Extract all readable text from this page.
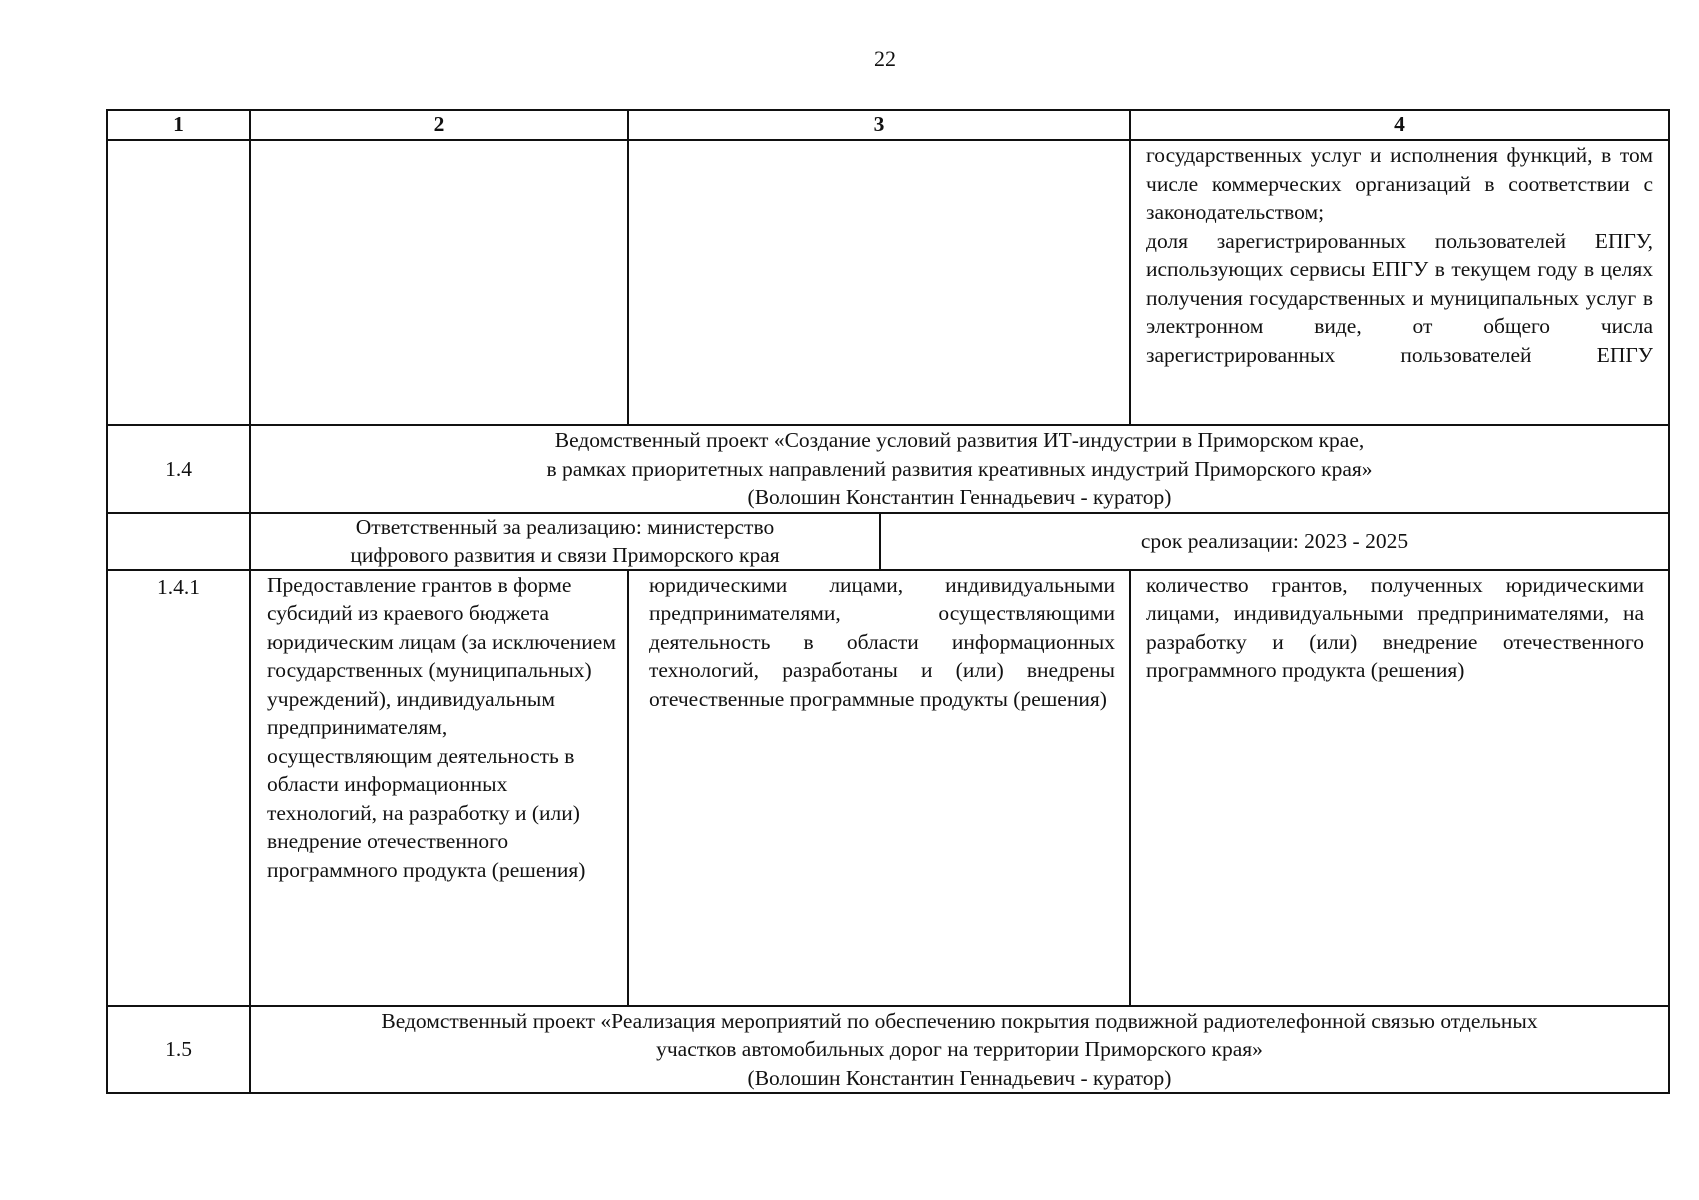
22
1	2	3	4

			государственных услуг и исполнения функций, в том числе коммерческих организаций в соответствии с законодательством;
доля зарегистрированных пользователей ЕПГУ, использующих сервисы ЕПГУ в текущем году в целях получения государственных и муниципальных услуг в электронном виде, от общего числа зарегистрированных пользователей ЕПГУ

1.4	Ведомственный проект «Создание условий развития ИТ-индустрии в Приморском крае,
в рамках приоритетных направлений развития креативных индустрий Приморского края»
(Волошин Константин Геннадьевич - куратор)		

	Ответственный за реализацию: министерство
цифрового развития и связи Приморского края
срок реализации: 2023 - 2025		

1.4.1	Предоставление грантов в форме субсидий из краевого бюджета юридическим лицам (за исключением государственных (муниципальных) учреждений), индивидуальным предпринимателям, осуществляющим деятельность в области информационных технологий, на разработку и (или) внедрение отечественного программного продукта (решения)	юридическими лицами, индивидуальными предпринимателями, осуществляющими деятельность в области информационных технологий, разработаны и (или) внедрены отечественные программные продукты (решения)	количество грантов, полученных юридическими лицами, индивидуальными предпринимателями, на разработку и (или) внедрение отечественного программного продукта (решения)

1.5	Ведомственный проект «Реализация мероприятий по обеспечению покрытия подвижной радиотелефонной связью отдельных
участков автомобильных дорог на территории Приморского края»
(Волошин Константин Геннадьевич - куратор)		
